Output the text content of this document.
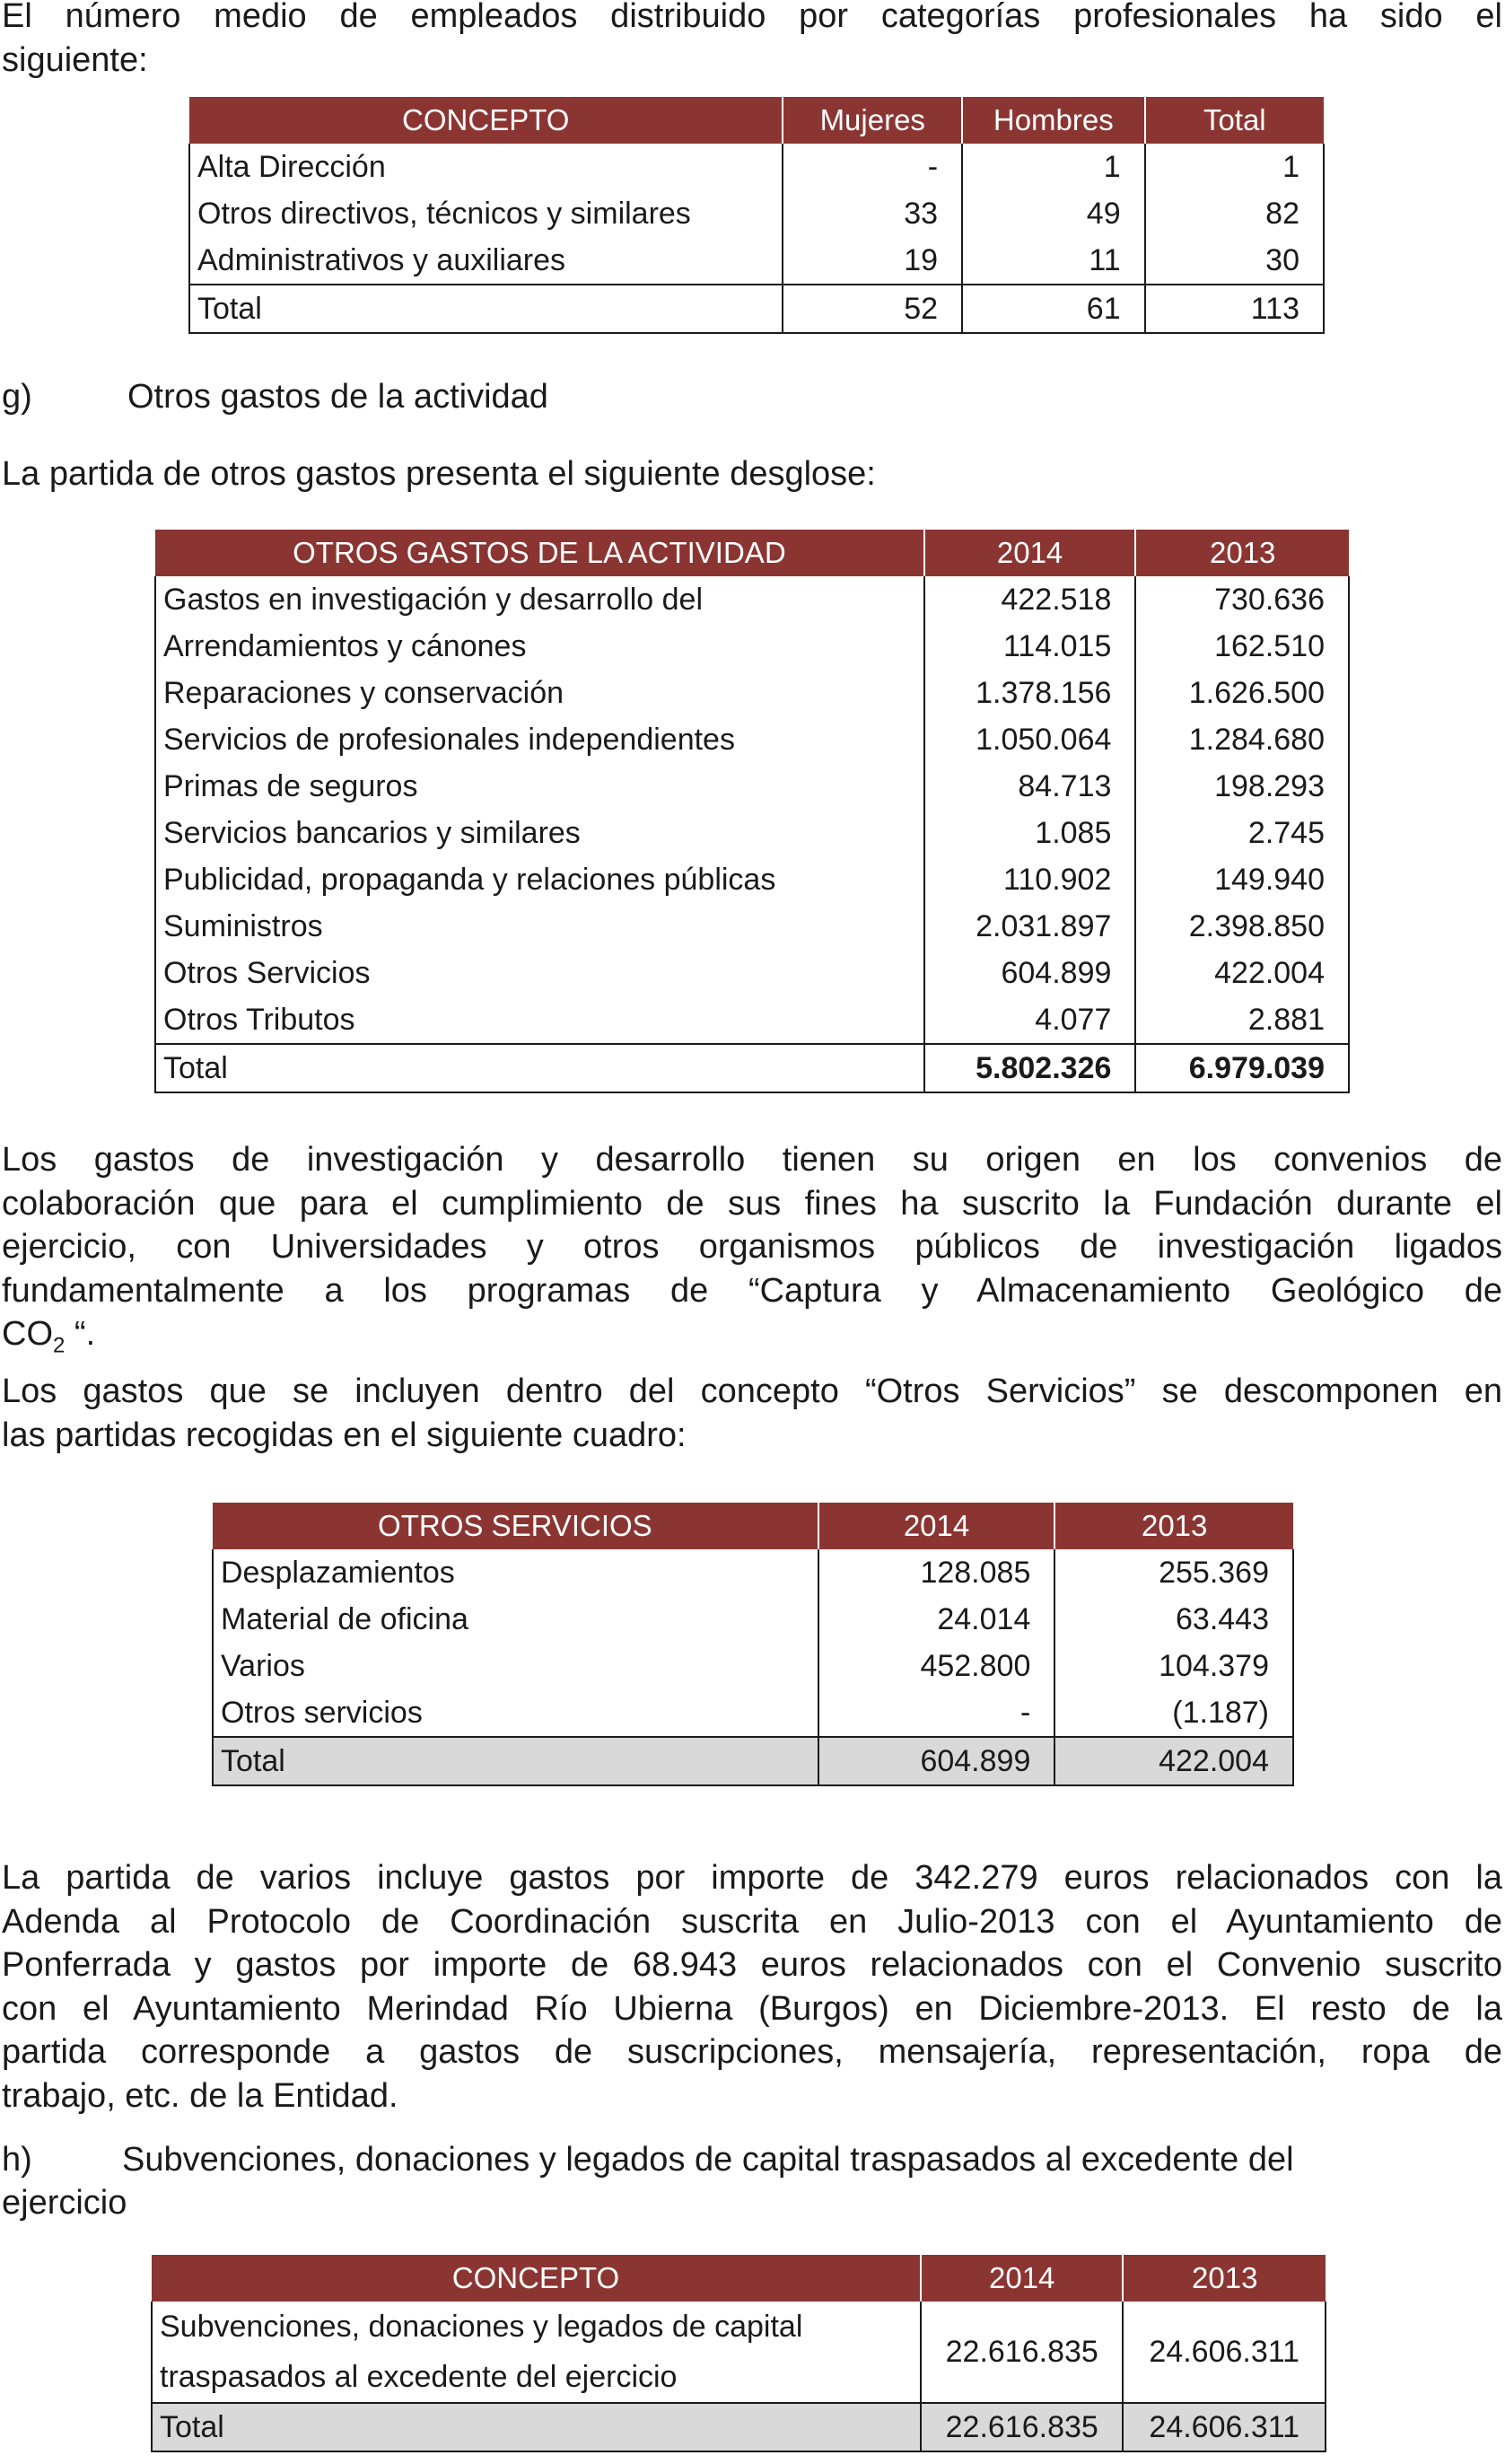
El número medio de empleados distribuido por categorías profesionales ha sido el
siguiente:

CONCEPTO	Mujeres	Hombres	Total
Alta Dirección	-	1	1
Otros directivos, técnicos y similares	33	49	82
Administrativos y auxiliares	19	11	30
Total	52	61	113
g)	Otros gastos de la actividad

La partida de otros gastos presenta el siguiente desglose:

OTROS GASTOS DE LA ACTIVIDAD	2014	2013
Gastos en investigación y desarrollo del	422.518	730.636
Arrendamientos y cánones	114.015	162.510
Reparaciones y conservación	1.378.156	1.626.500
Servicios de profesionales independientes	1.050.064	1.284.680
Primas de seguros	84.713	198.293
Servicios bancarios y similares	1.085	2.745
Publicidad, propaganda y relaciones públicas	110.902	149.940
Suministros	2.031.897	2.398.850
Otros Servicios	604.899	422.004
Otros Tributos	4.077	2.881
Total	5.802.326	6.979.039

Los gastos de investigación y desarrollo tienen su origen en los convenios de
colaboración que para el cumplimiento de sus fines ha suscrito la Fundación durante el
ejercicio, con Universidades y otros organismos públicos de investigación ligados
fundamentalmente a los programas de “Captura y Almacenamiento Geológico de
$CO_2$ “.

Los gastos que se incluyen dentro del concepto “Otros Servicios” se descomponen en
las partidas recogidas en el siguiente cuadro:

OTROS SERVICIOS	2014	2013
Desplazamientos	128.085	255.369
Material de oficina	24.014	63.443
Varios	452.800	104.379
Otros servicios	-	(1.187)
Total	604.899	422.004

La partida de varios incluye gastos por importe de 342.279 euros relacionados con la
Adenda al Protocolo de Coordinación suscrita en Julio-2013 con el Ayuntamiento de
Ponferrada y gastos por importe de 68.943 euros relacionados con el Convenio suscrito
con el Ayuntamiento Merindad Río Ubierna (Burgos) en Diciembre-2013. El resto de la
partida corresponde a gastos de suscripciones, mensajería, representación, ropa de
trabajo, etc. de la Entidad.

h)	Subvenciones, donaciones y legados de capital traspasados al excedente del
ejercicio
CONCEPTO	2014	2013

Subvenciones, donaciones y legados de capital
traspasados al excedente del ejercicio	22.616.835	24.606.311
Total	22.616.835	24.606.311
